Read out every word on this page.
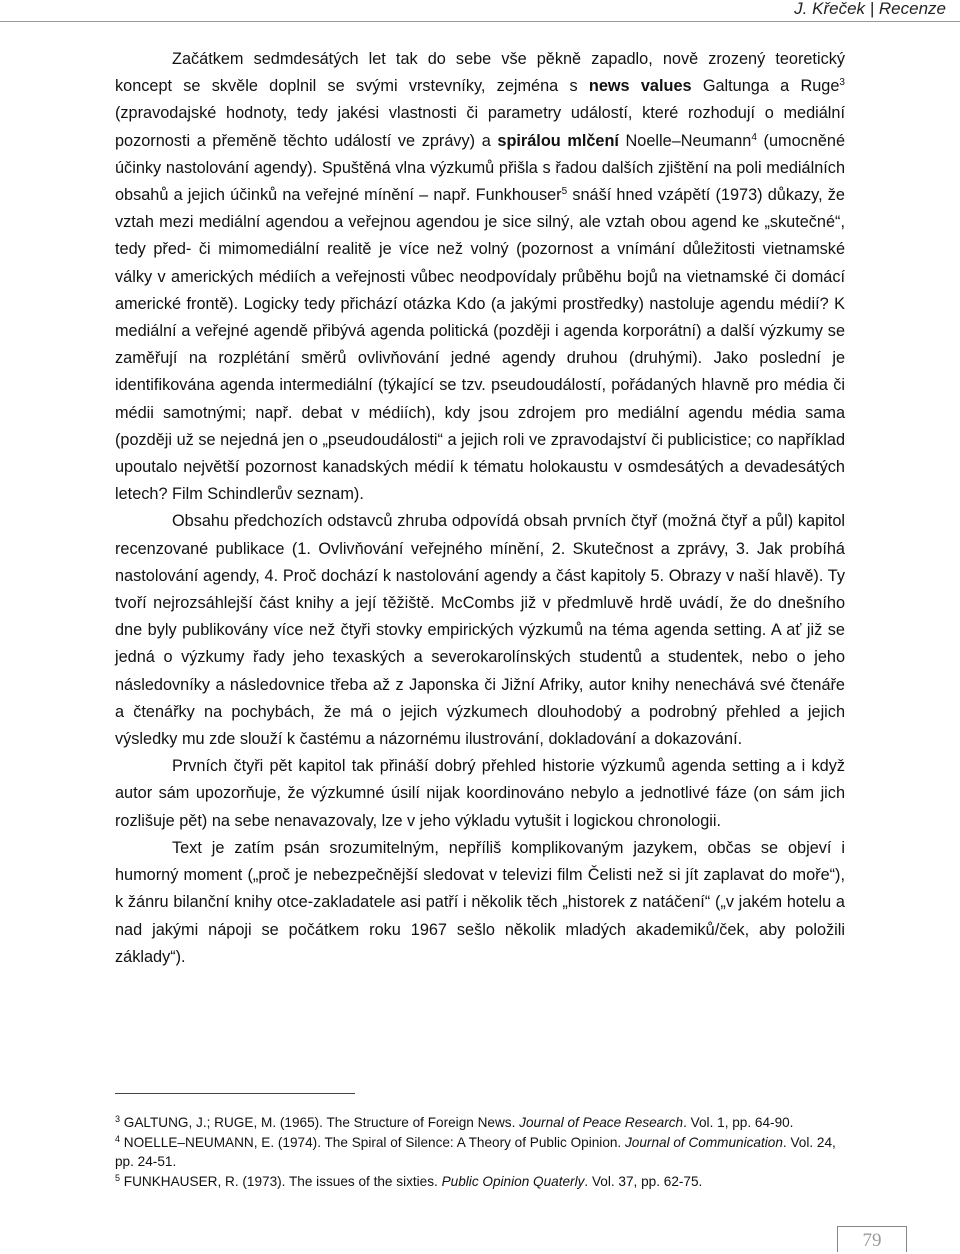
J. Křeček | Recenze

Začátkem sedmdesátých let tak do sebe vše pěkně zapadlo, nově zrozený teoretický koncept se skvěle doplnil se svými vrstevníky, zejména s news values Galtunga a Ruge$^3$ (zpravodajské hodnoty, tedy jakési vlastnosti či parametry událostí, které rozhodují o mediální pozornosti a přeměně těchto událostí ve zprávy) a spirálou mlčení Noelle–Neumann$^4$ (umocněné účinky nastolování agendy). Spuštěná vlna výzkumů přišla s řadou dalších zjištění na poli mediálních obsahů a jejich účinků na veřejné mínění – např. Funkhouser$^5$ snáší hned vzápětí (1973) důkazy, že vztah mezi mediální agendou a veřejnou agendou je sice silný, ale vztah obou agend ke „skutečné“, tedy před- či mimomediální realitě je více než volný (pozornost a vnímání důležitosti vietnamské války v amerických médiích a veřejnosti vůbec neodpovídaly průběhu bojů na vietnamské či domácí americké frontě). Logicky tedy přichází otázka Kdo (a jakými prostředky) nastoluje agendu médií? K mediální a veřejné agendě přibývá agenda politická (později i agenda korporátní) a další výzkumy se zaměřují na rozplétání směrů ovlivňování jedné agendy druhou (druhými). Jako poslední je identifikována agenda intermediální (týkající se tzv. pseudoudálostí, pořádaných hlavně pro média či médii samotnými; např. debat v médiích), kdy jsou zdrojem pro mediální agendu média sama (později už se nejedná jen o „pseudoudálosti“ a jejich roli ve zpravodajství či publicistice; co například upoutalo největší pozornost kanadských médií k tématu holokaustu v osmdesátých a devadesátých letech? Film Schindlerův seznam).

Obsahu předchozích odstavců zhruba odpovídá obsah prvních čtyř (možná čtyř a půl) kapitol recenzované publikace (1. Ovlivňování veřejného mínění, 2. Skutečnost a zprávy, 3. Jak probíhá nastolování agendy, 4. Proč dochází k nastolování agendy a část kapitoly 5. Obrazy v naší hlavě). Ty tvoří nejrozsáhlejší část knihy a její těžiště. McCombs již v předmluvě hrdě uvádí, že do dnešního dne byly publikovány více než čtyři stovky empirických výzkumů na téma agenda setting. A ať již se jedná o výzkumy řady jeho texaských a severokarolínských studentů a studentek, nebo o jeho následovníky a následovnice třeba až z Japonska či Jižní Afriky, autor knihy nenechává své čtenáře a čtenářky na pochybách, že má o jejich výzkumech dlouhodobý a podrobný přehled a jejich výsledky mu zde slouží k častému a názornému ilustrování, dokladování a dokazování.

Prvních čtyři pět kapitol tak přináší dobrý přehled historie výzkumů agenda setting a i když autor sám upozorňuje, že výzkumné úsilí nijak koordinováno nebylo a jednotlivé fáze (on sám jich rozlišuje pět) na sebe nenavazovaly, lze v jeho výkladu vytušit i logickou chronologii.

Text je zatím psán srozumitelným, nepříliš komplikovaným jazykem, občas se objeví i humorný moment („proč je nebezpečnější sledovat v televizi film Čelisti než si jít zaplavat do moře“), k žánru bilanční knihy otce-zakladatele asi patří i několik těch „historek z natáčení“ („v jakém hotelu a nad jakými nápoji se počátkem roku 1967 sešlo několik mladých akademiků/ček, aby položili základy“).

$^3$ GALTUNG, J.; RUGE, M. (1965). The Structure of Foreign News. Journal of Peace Research. Vol. 1, pp. 64-90.
$^4$ NOELLE–NEUMANN, E. (1974). The Spiral of Silence: A Theory of Public Opinion. Journal of Communication. Vol. 24, pp. 24-51.
$^5$ FUNKHAUSER, R. (1973). The issues of the sixties. Public Opinion Quaterly. Vol. 37, pp. 62-75.
79
